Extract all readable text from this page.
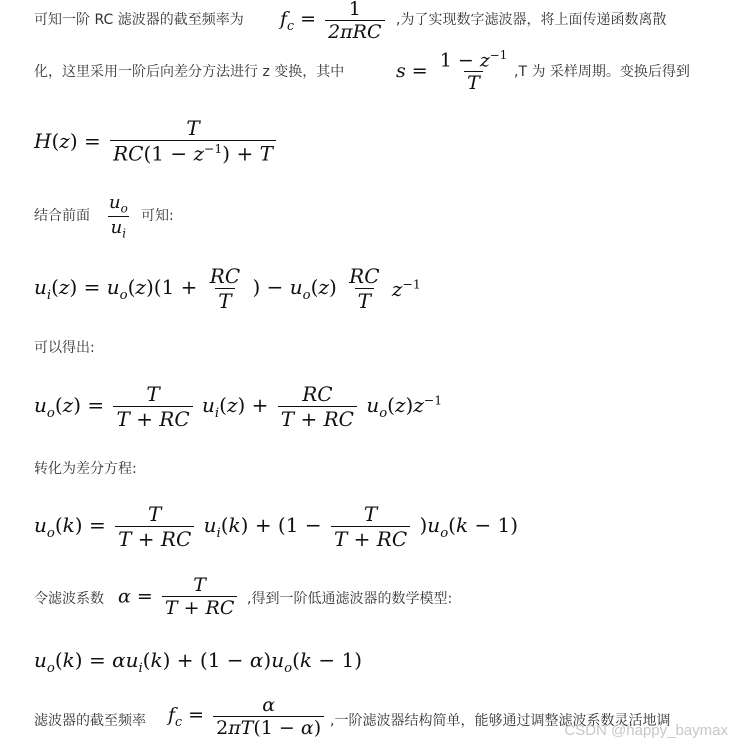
可知一阶 RC 滤波器的截至频率为 $f_c = \frac{1}{\text{2πRC}}$ ,为了实现数字滤波器，将上面传递函数离散
化，这里采用一阶后向差分方法进行 z 变换，其中	$s = \frac{1 - z^{-1}}{T} ,T$ 为 采样周期。变换后得到
$H(z) = \frac{T}{RC(1 - z^{-1}) + T}$
结合前面 $\frac{u_o}{u_i}$ 可知:
$u_i(z) = u_o(z)(1 + \frac{RC}{T}$ ) − $u_o(z) \frac{RC}{T} z^{-1}$
可以得出:
$u_o(z) = \frac{T}{T + RC} u_i(z) + \frac{RC}{T + RC} u_o(z)z^{-1}$
转化为差分方程:
$u_o(k) = \frac{T}{T + RC} u_i(k) + (1 - \frac{T}{T + RC} )u_o(k - 1)$
令滤波系数 $\alpha = \frac{T}{T + RC}$ ,得到一阶低通滤波器的数学模型:
$u_o(k) = \alpha u_i(k) + (1 - \alpha)u_o(k - 1)$
滤波器的截至频率 $f_c = \frac{\alpha}{2\pi T(1 - \alpha)}$ ,一阶滤波器结构简单，能够通过调整滤波系数灵活地调
CSDN @happy_baymax
